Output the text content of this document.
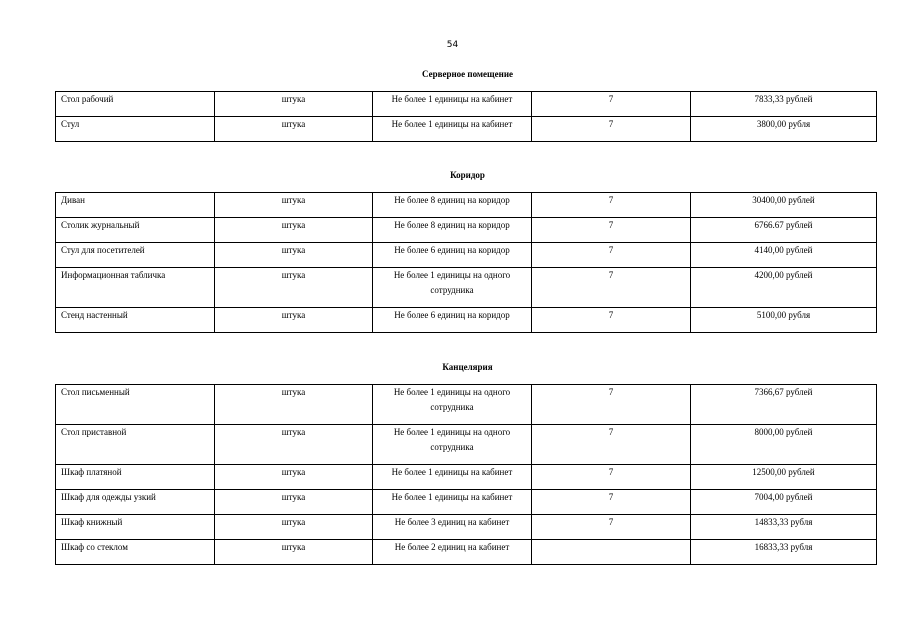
54
Серверное помещение
Стол рабочий	штука	Не более 1 единицы на кабинет	7	7833,33 рублей
Стул	штука	Не более 1 единицы на кабинет	7	3800,00 рубля
Коридор
Диван	штука	Не более 8 единиц на коридор	7	30400,00 рублей
Столик журнальный	штука	Не более 8 единиц на коридор	7	6766.67 рублей
Стул для посетителей	штука	Не более 6 единиц на коридор	7	4140,00 рублей
Информационная табличка	штука	Не более 1 единицы на одного сотрудника	7	4200,00 рублей
Стенд настенный	штука	Не более 6 единиц на коридор	7	5100,00 рубля
Канцелярия
Стол письменный	штука	Не более 1 единицы на одного сотрудника	7	7366,67 рублей
Стол приставной	штука	Не более 1 единицы на одного сотрудника	7	8000,00 рублей
Шкаф платяной	штука	Не более 1 единицы на кабинет	7	12500,00 рублей
Шкаф для одежды узкий	штука	Не более 1 единицы на кабинет	7	7004,00 рублей
Шкаф книжный	штука	Не более 3 единиц на кабинет	7	14833,33 рубля
Шкаф со стеклом	штука	Не более 2 единиц на кабинет		16833,33 рубля
